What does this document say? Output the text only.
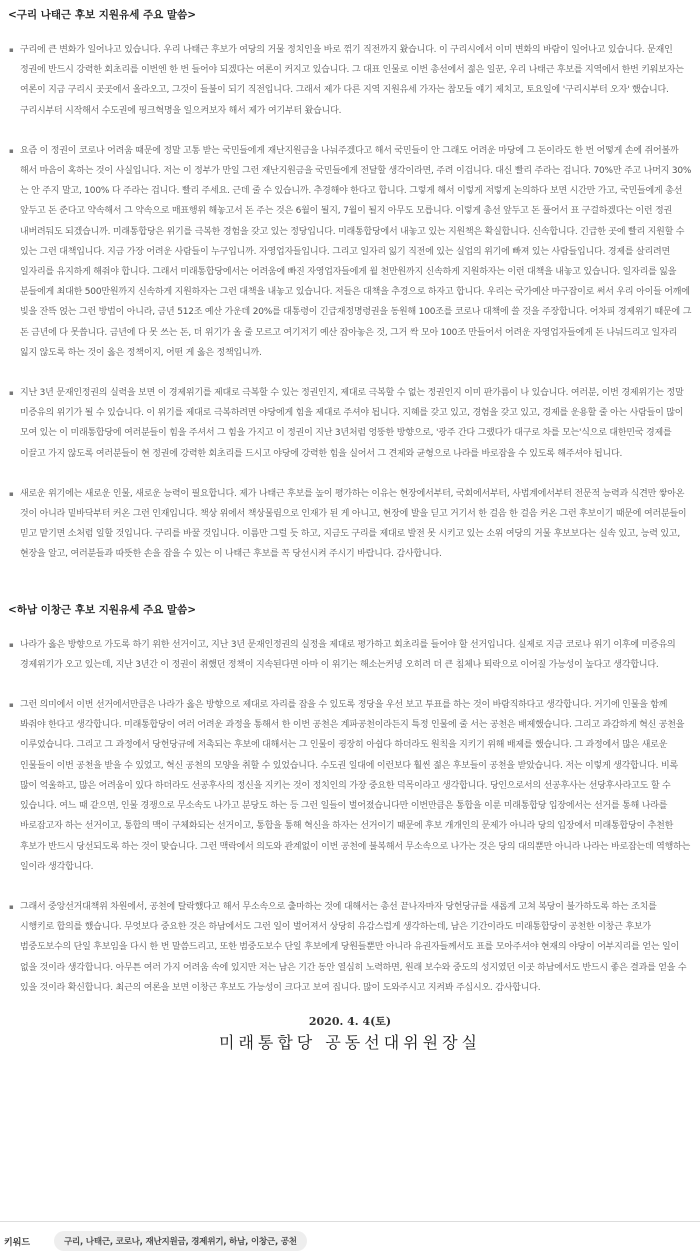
<구리 나태근 후보 지원유세 주요 말씀>

▪ 구리에 큰 변화가 일어나고 있습니다. 우리 나태근 후보가 여당의 거물 정치인을 바로 꺾기 직전까지 왔습니다. 이 구리시에서 이미 변화의 바람이 일어나고 있습니다. 문재인 정권에 반드시 강력한 회초리를 이번엔 한 번 들어야 되겠다는 여론이 커지고 있습니다. 그 대표 인물로 이번 총선에서 젊은 일꾼, 우리 나태근 후보를 지역에서 한번 키워보자는 여론이 지금 구리시 곳곳에서 올라오고, 그것이 들불이 되기 직전입니다. 그래서 제가 다른 지역 지원유세 가자는 참모들 얘기 제치고, 토요일에 '구리시부터 오자' 했습니다. 구리시부터 시작해서 수도권에 핑크혁명을 일으켜보자 해서 제가 여기부터 왔습니다.

▪ 요즘 이 정권이 코로나 어려움 때문에 정말 고통 받는 국민들에게 재난지원금을 나눠주겠다고 해서 국민들이 안 그래도 어려운 마당에 그 돈이라도 한 번 어떻게 손에 쥐어볼까 해서 마음이 혹하는 것이 사실입니다. 저는 이 정부가 만일 그런 재난지원금을 국민들에게 전달할 생각이라면, 주려 이겁니다. 대신 빨리 주라는 겁니다. 70%만 주고 나머지 30%는 안 주지 말고, 100% 다 주라는 겁니다. 빨리 주세요. 근데 줄 수 있습니까. 추경해야 한다고 합니다. 그렇게 해서 이렇게 저렇게 논의하다 보면 시간만 가고, 국민들에게 총선 앞두고 돈 준다고 약속해서 그 약속으로 매표행위 해놓고서 돈 주는 것은 6월이 될지, 7월이 될지 아무도 모릅니다. 이렇게 총선 앞두고 돈 풀어서 표 구걸하겠다는 이런 정권 내버려둬도 되겠습니까. 미래통합당은 위기를 극복한 경험을 갖고 있는 정당입니다. 미래통합당에서 내놓고 있는 지원책은 확실합니다. 신속합니다. 긴급한 곳에 빨리 지원할 수 있는 그런 대책입니다. 지금 가장 어려운 사람들이 누구입니까. 자영업자들입니다. 그리고 일자리 잃기 직전에 있는 실업의 위기에 빠져 있는 사람들입니다. 경제를 살리려면 일자리를 유지하게 해줘야 합니다. 그래서 미래통합당에서는 어려움에 빠진 자영업자들에게 월 천만원까지 신속하게 지원하자는 이런 대책을 내놓고 있습니다. 일자리를 잃을 분들에게 최대한 500만원까지 신속하게 지원하자는 그런 대책을 내놓고 있습니다. 저들은 대책을 추경으로 하자고 합니다. 우리는 국가예산 마구잡이로 써서 우리 아이들 어깨에 빚을 잔뜩 얹는 그런 방법이 아니라, 금년 512조 예산 가운데 20%를 대통령이 긴급재정명령권을 동원해 100조를 코로나 대책에 쓸 것을 주장합니다. 어차피 경제위기 때문에 그 돈 금년에 다 못씁니다. 금년에 다 못 쓰는 돈, 더 위기가 올 줄 모르고 여기저기 예산 잡아놓은 것, 그거 싹 모아 100조 만들어서 어려운 자영업자들에게 돈 나눠드리고 일자리 잃지 않도록 하는 것이 옳은 정책이지, 어떤 게 옳은 정책입니까.

▪ 지난 3년 문재인정권의 실력을 보면 이 경제위기를 제대로 극복할 수 있는 정권인지, 제대로 극복할 수 없는 정권인지 이미 판가름이 나 있습니다. 여러분, 이번 경제위기는 정말 미증유의 위기가 될 수 있습니다. 이 위기를 제대로 극복하려면 야당에게 힘을 제대로 주셔야 됩니다. 지혜를 갖고 있고, 경험을 갖고 있고, 경제를 운용할 줄 아는 사람들이 많이 모여 있는 이 미래통합당에 여러분들이 힘을 주셔서 그 힘을 가지고 이 정권이 지난 3년처럼 엉뚱한 방향으로, '광주 간다 그랬다가 대구로 차를 모는'식으로 대한민국 경제를 이끌고 가지 않도록 여러분들이 현 정권에 강력한 회초리를 드시고 야당에 강력한 힘을 실어서 그 견제와 균형으로 나라를 바로잡을 수 있도록 해주셔야 됩니다.

▪ 새로운 위기에는 새로운 인물, 새로운 능력이 필요합니다. 제가 나태근 후보를 높이 평가하는 이유는 현장에서부터, 국회에서부터, 사법계에서부터 전문적 능력과 식견만 쌓아온 것이 아니라 밑바닥부터 커온 그런 인재입니다. 책상 위에서 책상물림으로 인재가 된 게 아니고, 현장에 발을 딛고 거기서 한 걸음 한 걸음 커온 그런 후보이기 때문에 여러분들이 믿고 맡기면 소처럼 일할 것입니다. 구리를 바꿀 것입니다. 이름만 그럴 듯 하고, 지금도 구리를 제대로 발전 못 시키고 있는 소위 여당의 거물 후보보다는 실속 있고, 능력 있고, 현장을 알고, 여러분들과 따뜻한 손을 잡을 수 있는 이 나태근 후보를 꼭 당선시켜 주시기 바랍니다. 감사합니다.

<하남 이창근 후보 지원유세 주요 말씀>

▪ 나라가 옳은 방향으로 가도록 하기 위한 선거이고, 지난 3년 문재인정권의 실정을 제대로 평가하고 회초리를 들어야 할 선거입니다. 실제로 지금 코로나 위기 이후에 미증유의 경제위기가 오고 있는데, 지난 3년간 이 정권이 취했던 정책이 지속된다면 아마 이 위기는 해소는커녕 오히려 더 큰 침체나 퇴락으로 이어질 가능성이 높다고 생각합니다.

▪ 그런 의미에서 이번 선거에서만큼은 나라가 옳은 방향으로 제대로 자리를 잡을 수 있도록 정당을 우선 보고 투표를 하는 것이 바람직하다고 생각합니다. 거기에 인물을 함께 봐줘야 한다고 생각합니다. 미래통합당이 여러 어려운 과정을 통해서 한 이번 공천은 계파공천이라든지 특정 인물에 줄 서는 공천은 배제했습니다. 그리고 과감하게 혁신 공천을 이루었습니다. 그리고 그 과정에서 당헌당규에 저촉되는 후보에 대해서는 그 인물이 굉장히 아쉽다 하더라도 원칙을 지키기 위해 배제를 했습니다. 그 과정에서 많은 새로운 인물들이 이번 공천을 받을 수 있었고, 혁신 공천의 모양을 취할 수 있었습니다. 수도권 일대에 이런보다 훨씬 젊은 후보들이 공천을 받았습니다. 저는 이렇게 생각합니다. 비록 많이 억울하고, 많은 어려움이 있다 하더라도 선공후사의 정신을 지키는 것이 정치인의 가장 중요한 덕목이라고 생각합니다. 당인으로서의 선공후사는 선당후사라고도 할 수 있습니다. 여느 때 같으면, 인물 경쟁으로 무소속도 나가고 분당도 하는 등 그런 일들이 벌어졌습니다만 이번만큼은 통합을 이룬 미래통합당 입장에서는 선거를 통해 나라를 바로잡고자 하는 선거이고, 통합의 맥이 구체화되는 선거이고, 통합을 통해 혁신을 하자는 선거이기 때문에 후보 개개인의 문제가 아니라 당의 입장에서 미래통합당이 추천한 후보가 반드시 당선되도록 하는 것이 맞습니다. 그런 맥락에서 의도와 관계없이 이번 공천에 불복해서 무소속으로 나가는 것은 당의 대의뿐만 아니라 나라는 바로잡는데 역행하는 일이라 생각합니다.

▪ 그래서 중앙선거대책위 차원에서, 공천에 탈락했다고 해서 무소속으로 출마하는 것에 대해서는 총선 끝나자마자 당헌당규를 새롭게 고쳐 복당이 불가하도록 하는 조치를 시행키로 합의를 했습니다. 무엇보다 중요한 것은 하남에서도 그런 일이 벌어져서 상당히 유감스럽게 생각하는데, 남은 기간이라도 미래통합당이 공천한 이창근 후보가 범중도보수의 단일 후보임을 다시 한 번 말씀드리고, 또한 범중도보수 단일 후보에게 당원들뿐만 아니라 유권자들께서도 표를 모아주셔야 현재의 야당이 어부지리를 얻는 일이 없을 것이라 생각합니다. 아무튼 여러 가지 어려움 속에 있지만 저는 남은 기간 동안 열심히 노력하면, 원래 보수와 중도의 성지였던 이곳 하남에서도 반드시 좋은 결과를 얻을 수 있을 것이라 확신합니다. 최근의 여론을 보면 이창근 후보도 가능성이 크다고 보여 집니다. 많이 도와주시고 지켜봐 주십시오. 감사합니다.

2020. 4. 4(토)
미래통합당 공동선대위원장실
키워드	구리, 나태근, 코로나, 재난지원금, 경제위기, 하남, 이창근, 공천
